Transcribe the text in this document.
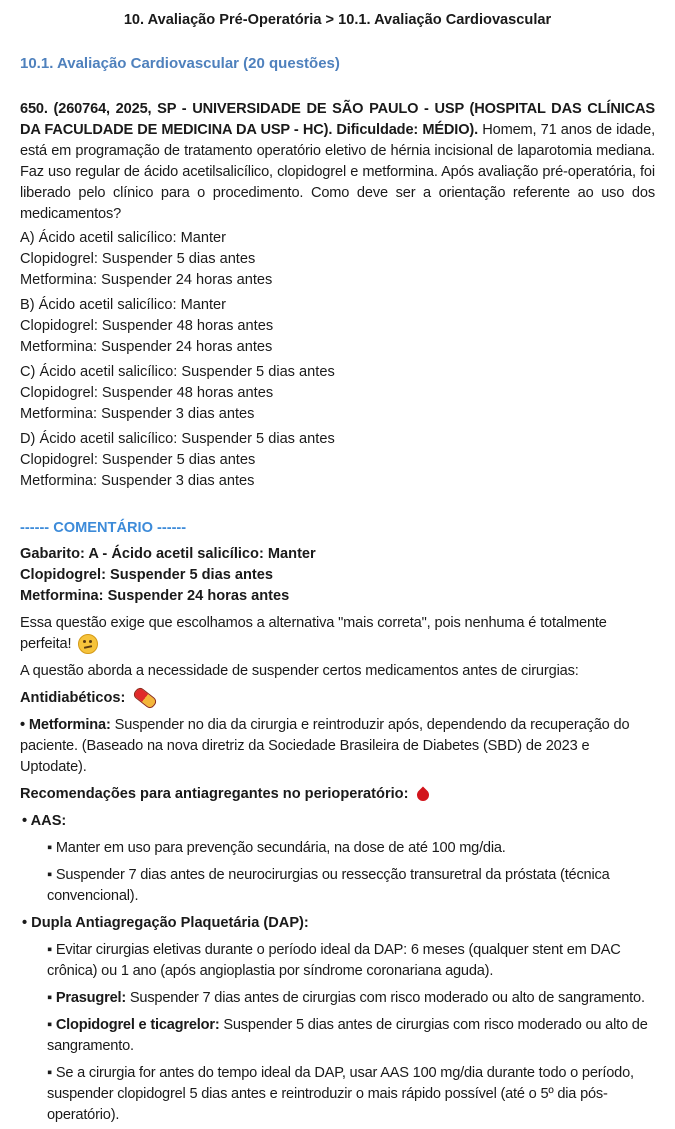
10. Avaliação Pré-Operatória > 10.1. Avaliação Cardiovascular
10.1. Avaliação Cardiovascular (20 questões)
650. (260764, 2025, SP - UNIVERSIDADE DE SÃO PAULO - USP (HOSPITAL DAS CLÍNICAS DA FACULDADE DE MEDICINA DA USP - HC). Dificuldade: MÉDIO). Homem, 71 anos de idade, está em programação de tratamento operatório eletivo de hérnia incisional de laparotomia mediana. Faz uso regular de ácido acetilsalicílico, clopidogrel e metformina. Após avaliação pré-operatória, foi liberado pelo clínico para o procedimento. Como deve ser a orientação referente ao uso dos medicamentos?
A) Ácido acetil salicílico: Manter
Clopidogrel: Suspender 5 dias antes
Metformina: Suspender 24 horas antes
B) Ácido acetil salicílico: Manter
Clopidogrel: Suspender 48 horas antes
Metformina: Suspender 24 horas antes
C) Ácido acetil salicílico: Suspender 5 dias antes
Clopidogrel: Suspender 48 horas antes
Metformina: Suspender 3 dias antes
D) Ácido acetil salicílico: Suspender 5 dias antes
Clopidogrel: Suspender 5 dias antes
Metformina: Suspender 3 dias antes
------ COMENTÁRIO ------
Gabarito: A - Ácido acetil salicílico: Manter
Clopidogrel: Suspender 5 dias antes
Metformina: Suspender 24 horas antes

Essa questão exige que escolhamos a alternativa "mais correta", pois nenhuma é totalmente perfeita!

A questão aborda a necessidade de suspender certos medicamentos antes de cirurgias:

Antidiabéticos:

• Metformina: Suspender no dia da cirurgia e reintroduzir após, dependendo da recuperação do paciente. (Baseado na nova diretriz da Sociedade Brasileira de Diabetes (SBD) de 2023 e Uptodate).

Recomendações para antiagregantes no perioperatório:
• AAS:

▪ Manter em uso para prevenção secundária, na dose de até 100 mg/dia.

▪ Suspender 7 dias antes de neurocirurgias ou ressecção transuretral da próstata (técnica convencional).

• Dupla Antiagregação Plaquetária (DAP):

▪ Evitar cirurgias eletivas durante o período ideal da DAP: 6 meses (qualquer stent em DAC crônica) ou 1 ano (após angioplastia por síndrome coronariana aguda).

▪ Prasugrel: Suspender 7 dias antes de cirurgias com risco moderado ou alto de sangramento.

▪ Clopidogrel e ticagrelor: Suspender 5 dias antes de cirurgias com risco moderado ou alto de sangramento.

▪ Se a cirurgia for antes do tempo ideal da DAP, usar AAS 100 mg/dia durante todo o período, suspender clopidogrel 5 dias antes e reintroduzir o mais rápido possível (até o 5º dia pós-operatório).
